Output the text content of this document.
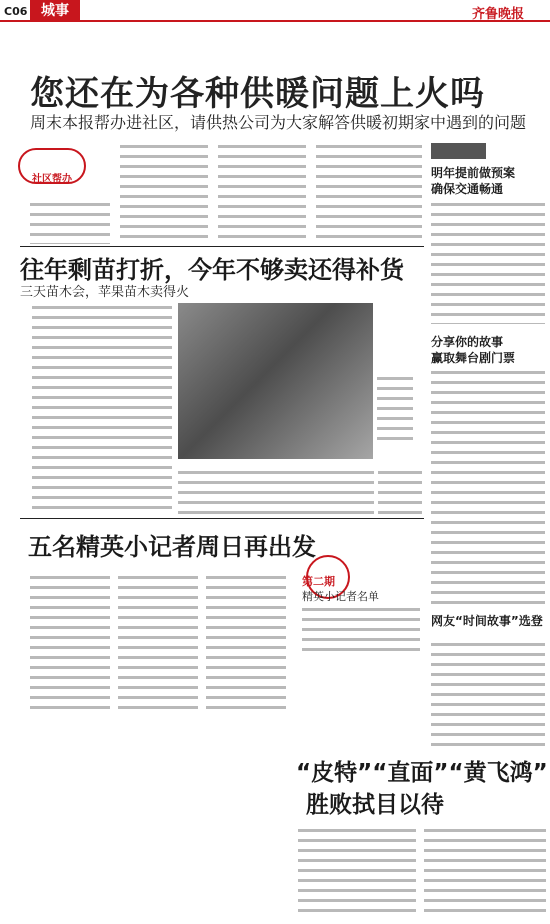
C06 城事	齐鲁晚报
您还在为各种供暖问题上火吗
周末本报帮办进社区，请供热公司为大家解答供暖初期家中遇到的问题
社区帮办
往年剩苗打折，今年不够卖还得补货
三天苗木会，苹果苗木卖得火
五名精英小记者周日再出发
第二期
精英小记者名单
明年提前做预案
确保交通畅通
分享你的故事
赢取舞台剧门票
网友“时间故事”选登
“皮特”“直面”“黄飞鸿”
胜败拭目以待
